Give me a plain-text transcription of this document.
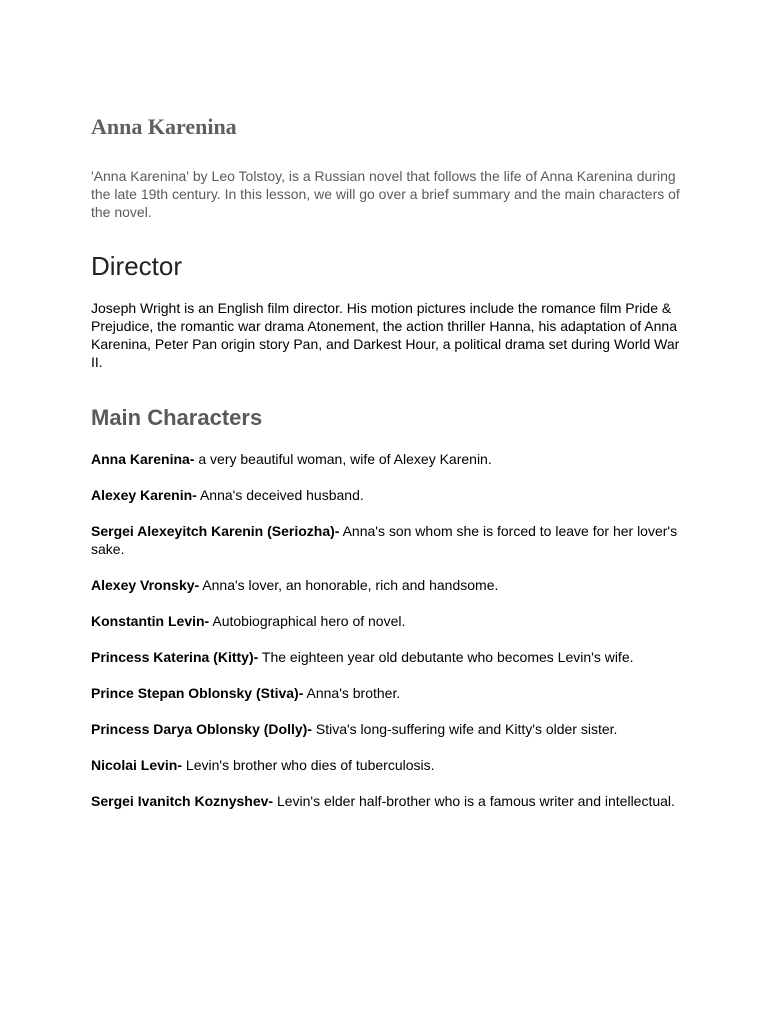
Anna Karenina

'Anna Karenina' by Leo Tolstoy, is a Russian novel that follows the life of Anna Karenina during the late 19th century. In this lesson, we will go over a brief summary and the main characters of the novel.

Director

Joseph Wright is an English film director. His motion pictures include the romance film Pride & Prejudice, the romantic war drama Atonement, the action thriller Hanna, his adaptation of Anna Karenina, Peter Pan origin story Pan, and Darkest Hour, a political drama set during World War II.

Main Characters
Anna Karenina- a very beautiful woman, wife of Alexey Karenin.
Alexey Karenin- Anna's deceived husband.
Sergei Alexeyitch Karenin (Seriozha)- Anna's son whom she is forced to leave for her lover's sake.
Alexey Vronsky- Anna's lover, an honorable, rich and handsome.
Konstantin Levin- Autobiographical hero of novel.
Princess Katerina (Kitty)- The eighteen year old debutante who becomes Levin's wife.
Prince Stepan Oblonsky (Stiva)- Anna's brother.
Princess Darya Oblonsky (Dolly)- Stiva's long-suffering wife and Kitty's older sister.
Nicolai Levin- Levin's brother who dies of tuberculosis.
Sergei Ivanitch Koznyshev- Levin's elder half-brother who is a famous writer and intellectual.
